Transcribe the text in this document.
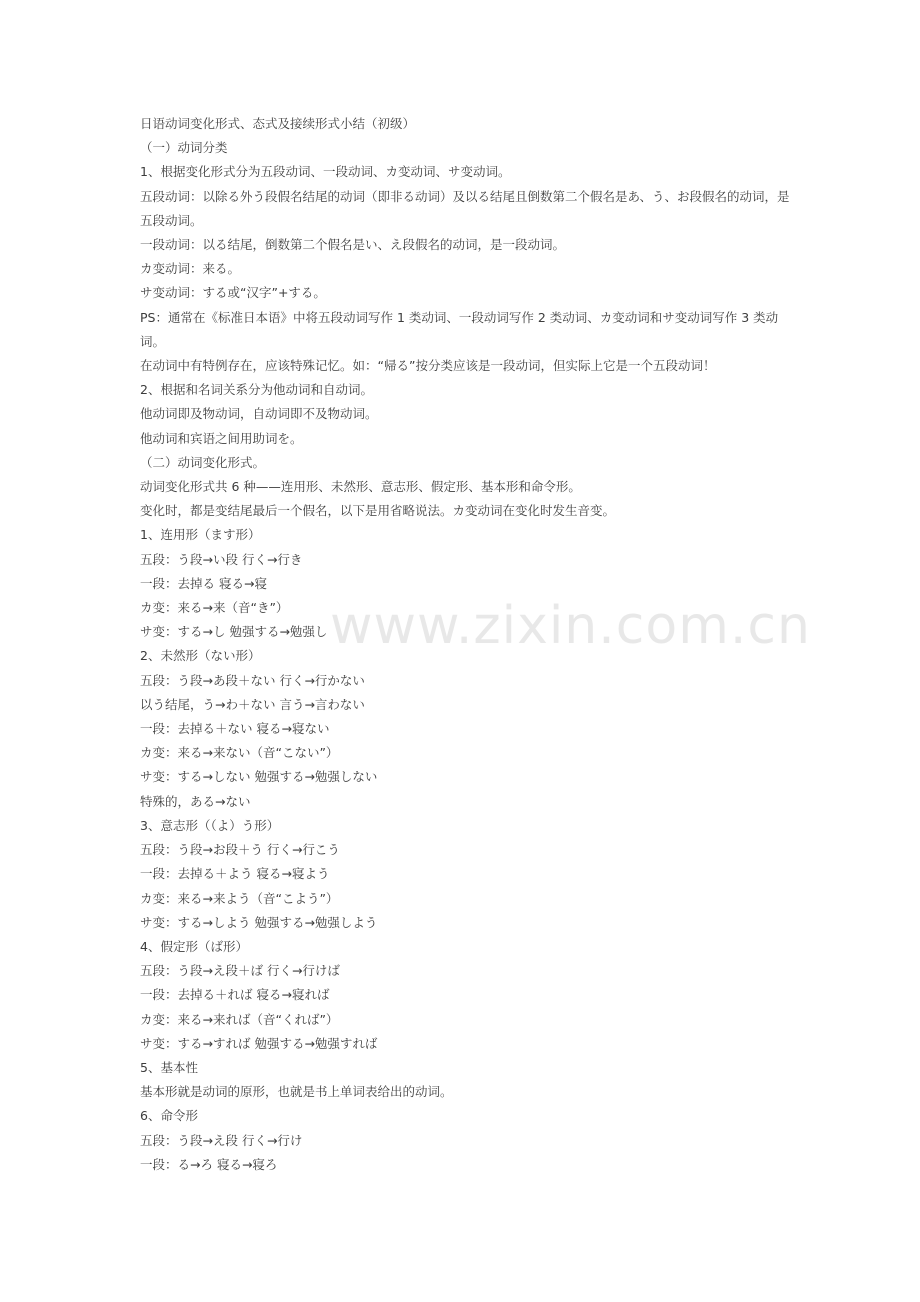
日语动词变化形式、态式及接续形式小结（初级）

（一）动词分类

1、根据变化形式分为五段动词、一段动词、カ变动词、サ变动词。

五段动词：以除る外う段假名结尾的动词（即非る动词）及以る结尾且倒数第二个假名是あ、う、お段假名的动词，是五段动词。

一段动词：以る结尾，倒数第二个假名是い、え段假名的动词，是一段动词。

カ变动词：来る。

サ变动词：する或“汉字”+する。

PS：通常在《标准日本语》中将五段动词写作 1 类动词、一段动词写作 2 类动词、カ变动词和サ变动词写作 3 类动词。

在动词中有特例存在，应该特殊记忆。如：“帰る”按分类应该是一段动词，但实际上它是一个五段动词！

2、根据和名词关系分为他动词和自动词。

他动词即及物动词，自动词即不及物动词。

他动词和宾语之间用助词を。

（二）动词变化形式。

动词变化形式共 6 种——连用形、未然形、意志形、假定形、基本形和命令形。

变化时，都是变结尾最后一个假名，以下是用省略说法。カ变动词在变化时发生音变。

1、连用形（ます形）

五段：う段→い段 行く→行き

一段：去掉る 寝る→寝

カ变：来る→来（音“き”）

サ变：する→し 勉强する→勉强し

2、未然形（ない形）

五段：う段→あ段＋ない 行く→行かない

以う结尾，う→わ＋ない 言う→言わない

一段：去掉る＋ない 寝る→寝ない

カ变：来る→来ない（音“こない”）

サ变：する→しない 勉强する→勉强しない

特殊的，ある→ない

3、意志形（（よ）う形）

五段：う段→お段＋う 行く→行こう

一段：去掉る＋よう 寝る→寝よう

カ变：来る→来よう（音“こよう”）

サ变：する→しよう 勉强する→勉强しよう

4、假定形（ば形）

五段：う段→え段＋ば 行く→行けば

一段：去掉る＋れば 寝る→寝れば

カ变：来る→来れば（音“くれば”）

サ变：する→すれば 勉强する→勉强すれば

5、基本性

基本形就是动词的原形，也就是书上单词表给出的动词。

6、命令形

五段：う段→え段 行く→行け

一段：る→ろ 寝る→寝ろ

www.zixin.com.cn
